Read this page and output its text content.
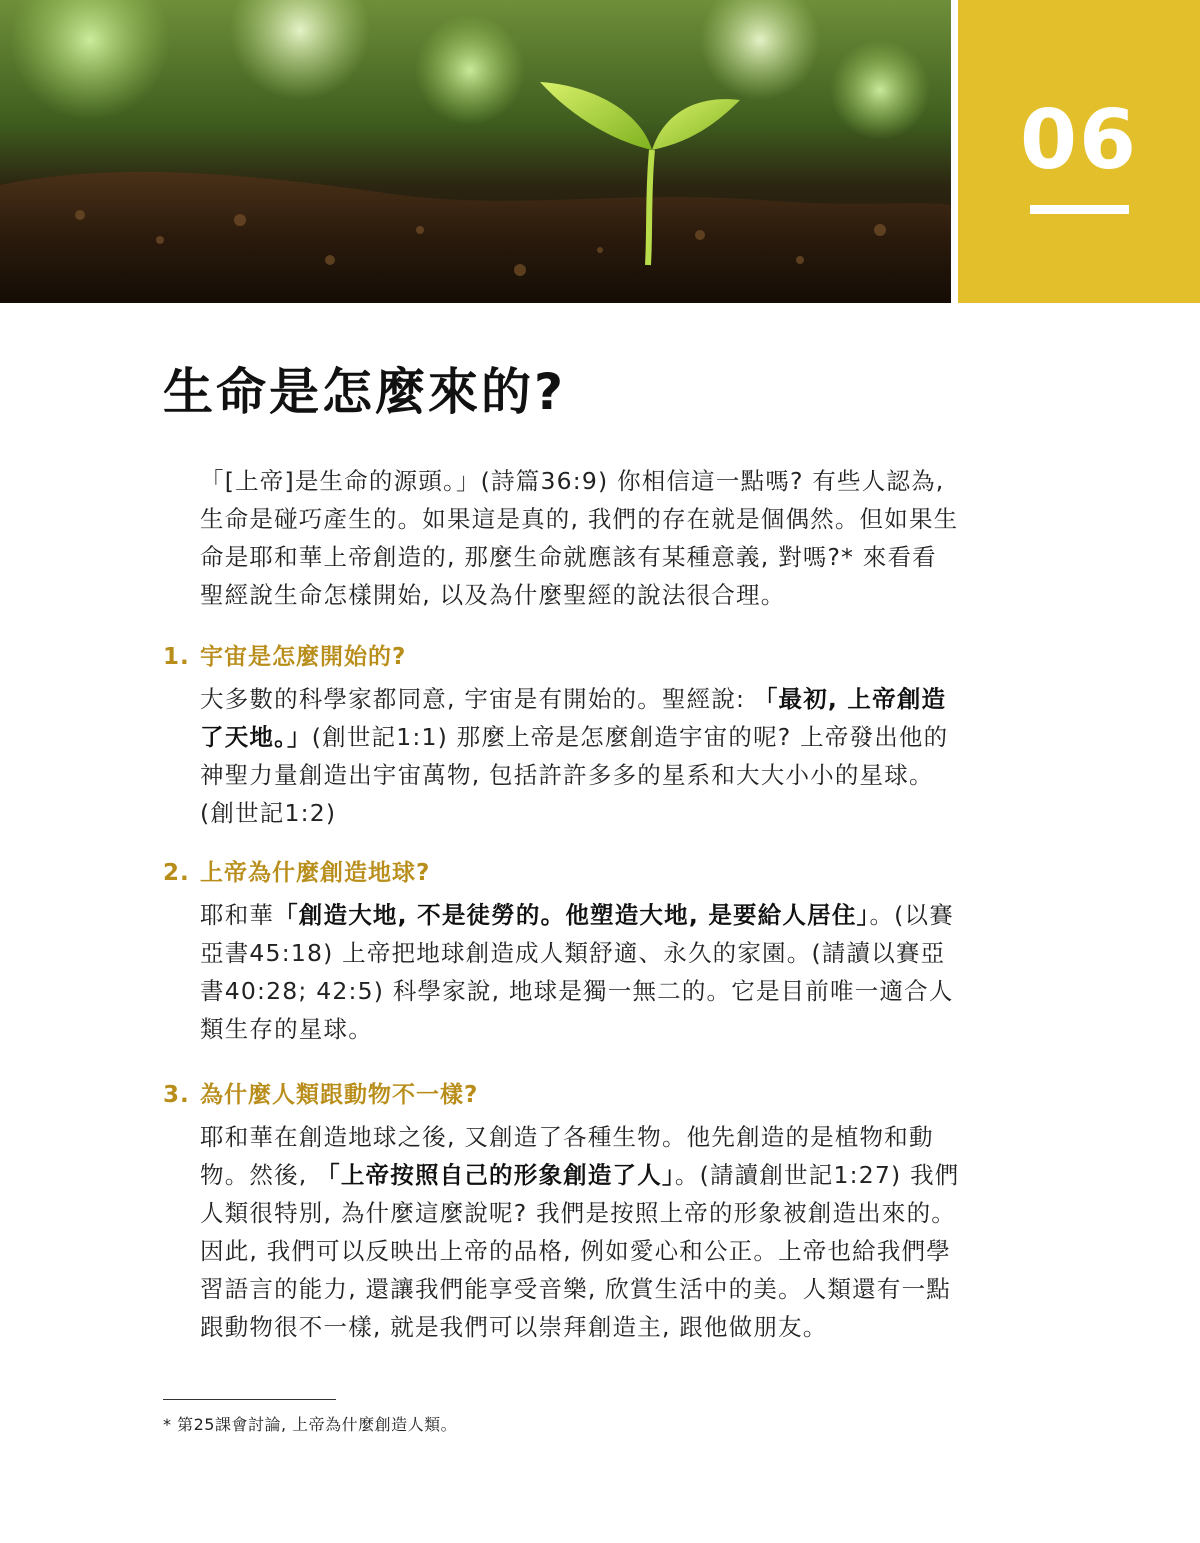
06
生命是怎麼來的?

「[上帝]是生命的源頭。」(詩篇36:9) 你相信這一點嗎? 有些人認為, 生命是碰巧產生的。如果這是真的, 我們的存在就是個偶然。但如果生命是耶和華上帝創造的, 那麼生命就應該有某種意義, 對嗎?* 來看看聖經說生命怎樣開始, 以及為什麼聖經的說法很合理。

1. 宇宙是怎麼開始的?

大多數的科學家都同意, 宇宙是有開始的。聖經說: 「最初, 上帝創造了天地。」(創世記1:1) 那麼上帝是怎麼創造宇宙的呢? 上帝發出他的神聖力量創造出宇宙萬物, 包括許許多多的星系和大大小小的星球。(創世記1:2)

2. 上帝為什麼創造地球?

耶和華「創造大地, 不是徒勞的。他塑造大地, 是要給人居住」。(以賽亞書45:18) 上帝把地球創造成人類舒適、永久的家園。(請讀以賽亞書40:28; 42:5) 科學家說, 地球是獨一無二的。它是目前唯一適合人類生存的星球。

3. 為什麼人類跟動物不一樣?

耶和華在創造地球之後, 又創造了各種生物。他先創造的是植物和動物。然後, 「上帝按照自己的形象創造了人」。(請讀創世記1:27) 我們人類很特別, 為什麼這麼說呢? 我們是按照上帝的形象被創造出來的。因此, 我們可以反映出上帝的品格, 例如愛心和公正。上帝也給我們學習語言的能力, 還讓我們能享受音樂, 欣賞生活中的美。人類還有一點跟動物很不一樣, 就是我們可以崇拜創造主, 跟他做朋友。

* 第25課會討論, 上帝為什麼創造人類。
